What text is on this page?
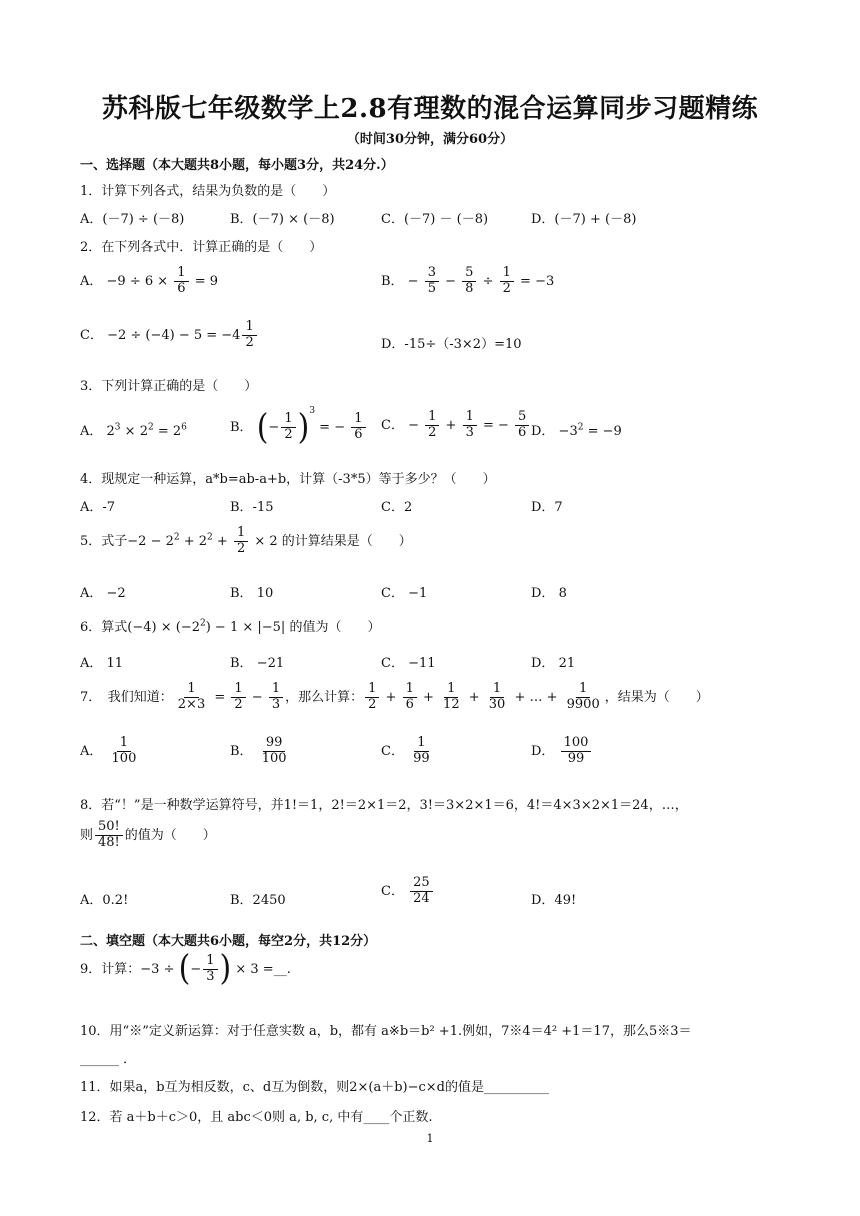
苏科版七年级数学上2.8有理数的混合运算同步习题精练
（时间30分钟，满分60分）
一、选择题（本大题共8小题，每小题3分，共24分.）
1．计算下列各式，结果为负数的是（　　）
A．(－7) ÷ (－8)	B．(－7) × (－8)	C．(－7) － (－8)	D．(－7) + (－8)
2．在下列各式中．计算正确的是（　　）
A． $-9 \div 6 \times \frac{1}{6} = 9$	B． − $\frac{3}{5} - \frac{5}{8} \div \frac{1}{2} = -3$
C． $-2 \div (-4) - 5 = -4 \frac{1}{2}$	D．-15÷（-3×2）=10
3．下列计算正确的是（　　）
A． $2^3 \times 2^2 = 2^6$	B． (− $\frac{1}{2} )^3$ = − $\frac{1}{6}$ C． − $\frac{1}{2} + \frac{1}{3}$ = − $\frac{5}{6}$ D． $-3^2 = -9$
4．现规定一种运算，a*b=ab-a+b，计算（-3*5）等于多少？（　　）
A．-7	B．-15	C．2	D．7
5．式子$-2 - 2^2 + 2^2 + \frac{1}{2} \times 2$ 的计算结果是（　　）
A． −2	B． 10	C． −1	D． 8
6．算式$(-4) \times (-2^2) - 1 \times |-5|$ 的值为（　　）
A． 11	B． −21	C． −11	D． 21
7．　我们知道： $\frac{1}{2\times 3} = \frac{1}{2} - \frac{1}{3}$ ，那么计算： $\frac{1}{2} + \frac{1}{6} + \frac{1}{12} + \frac{1}{30}$ + … + $\frac{1}{9900}$ ，结果为（　　）
A． $\frac{1}{100}$	B． $\frac{99}{100}$	C． $\frac{1}{99}$	D． $\frac{100}{99}$
8．若“！”是一种数学运算符号，并1!＝1，2!＝2×1＝2，3!＝3×2×1＝6，4!＝4×3×2×1＝24，…，
则 $\frac{50!}{48!}$ 的值为（　　）
A．0.2!	B．2450
C． $\frac{25}{24}$	D．49!
二、填空题（本大题共6小题，每空2分，共12分）
9．计算：−3 ÷ (− $\frac{1}{3}$ ) × 3 =__.
10．用“※”定义新运算：对于任意实数 a，b，都有 a※b＝b² +1.例如，7※4＝4² +1＝17，那么5※3＝
______ ．
11．如果a，b互为相反数，c、d互为倒数，则2×(a＋b)−c×d的值是__________
12．若 a＋b＋c＞0，且 abc＜0则 a, b, c, 中有____个正数.
1
